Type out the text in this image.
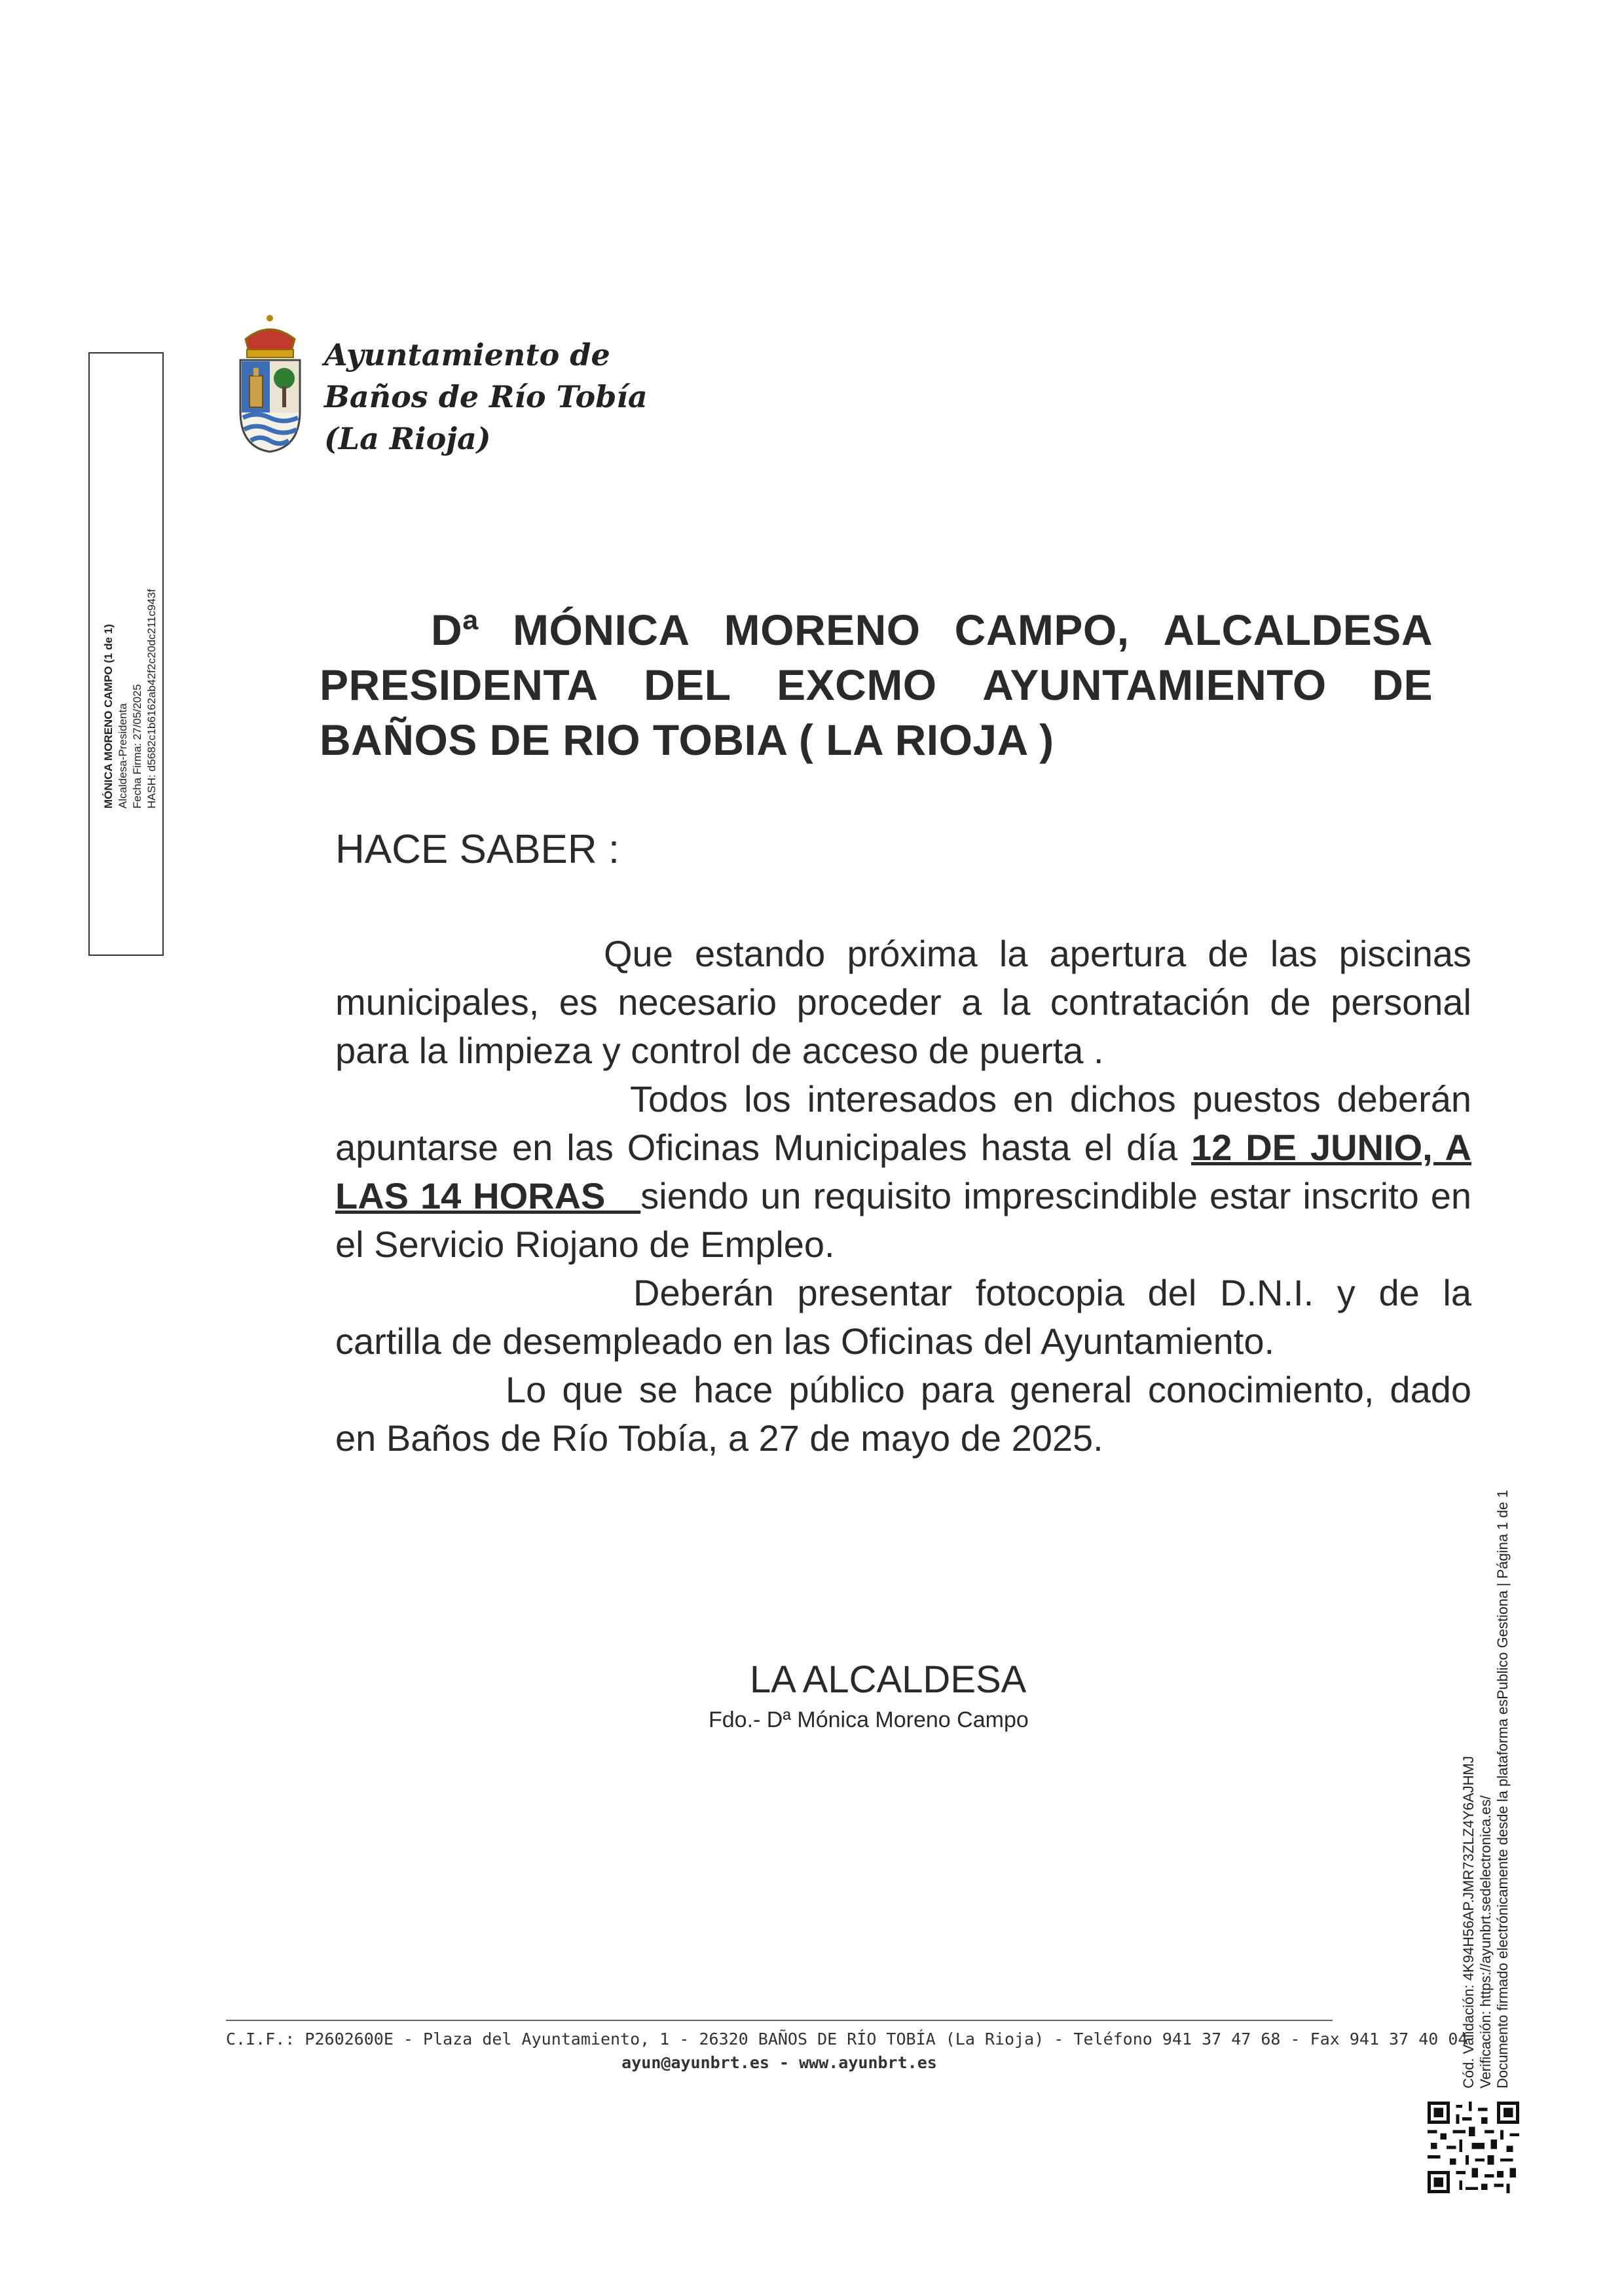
MÓNICA MORENO CAMPO (1 de 1) Alcaldesa-Presidenta Fecha Firma: 27/05/2025 HASH: d5682c1b6162ab42f2c20dc211c943f
Ayuntamiento de
Baños de Río Tobía
(La Rioja)
Dª MÓNICA MORENO CAMPO, ALCALDESA
PRESIDENTA DEL EXCMO AYUNTAMIENTO DE
BAÑOS DE RIO TOBIA ( LA RIOJA )
HACE SABER :

Que estando próxima la apertura de las piscinas municipales, es necesario proceder a la contratación de personal para la limpieza y control de acceso de puerta .

Todos los interesados en dichos puestos deberán apuntarse en las Oficinas Municipales hasta el día 12 DE JUNIO, A LAS 14 HORAS siendo un requisito imprescindible estar inscrito en el Servicio Riojano de Empleo.

Deberán presentar fotocopia del D.N.I. y de la cartilla de desempleado en las Oficinas del Ayuntamiento.

Lo que se hace público para general conocimiento, dado en Baños de Río Tobía, a 27 de mayo de 2025.

LA ALCALDESA
Fdo.- Dª Mónica Moreno Campo
C.I.F.: P2602600E - Plaza del Ayuntamiento, 1 - 26320 BAÑOS DE RÍO TOBÍA (La Rioja) - Teléfono 941 37 47 68 - Fax 941 37 40 04
ayun@ayunbrt.es - www.ayunbrt.es	Cód. Validación: 4K94H56AP.JMR73ZLZ4Y6AJHMJ Verificación: https://ayunbrt.sedelectronica.es/ Documento firmado electrónicamente desde la plataforma esPublico Gestiona | Página 1 de 1
